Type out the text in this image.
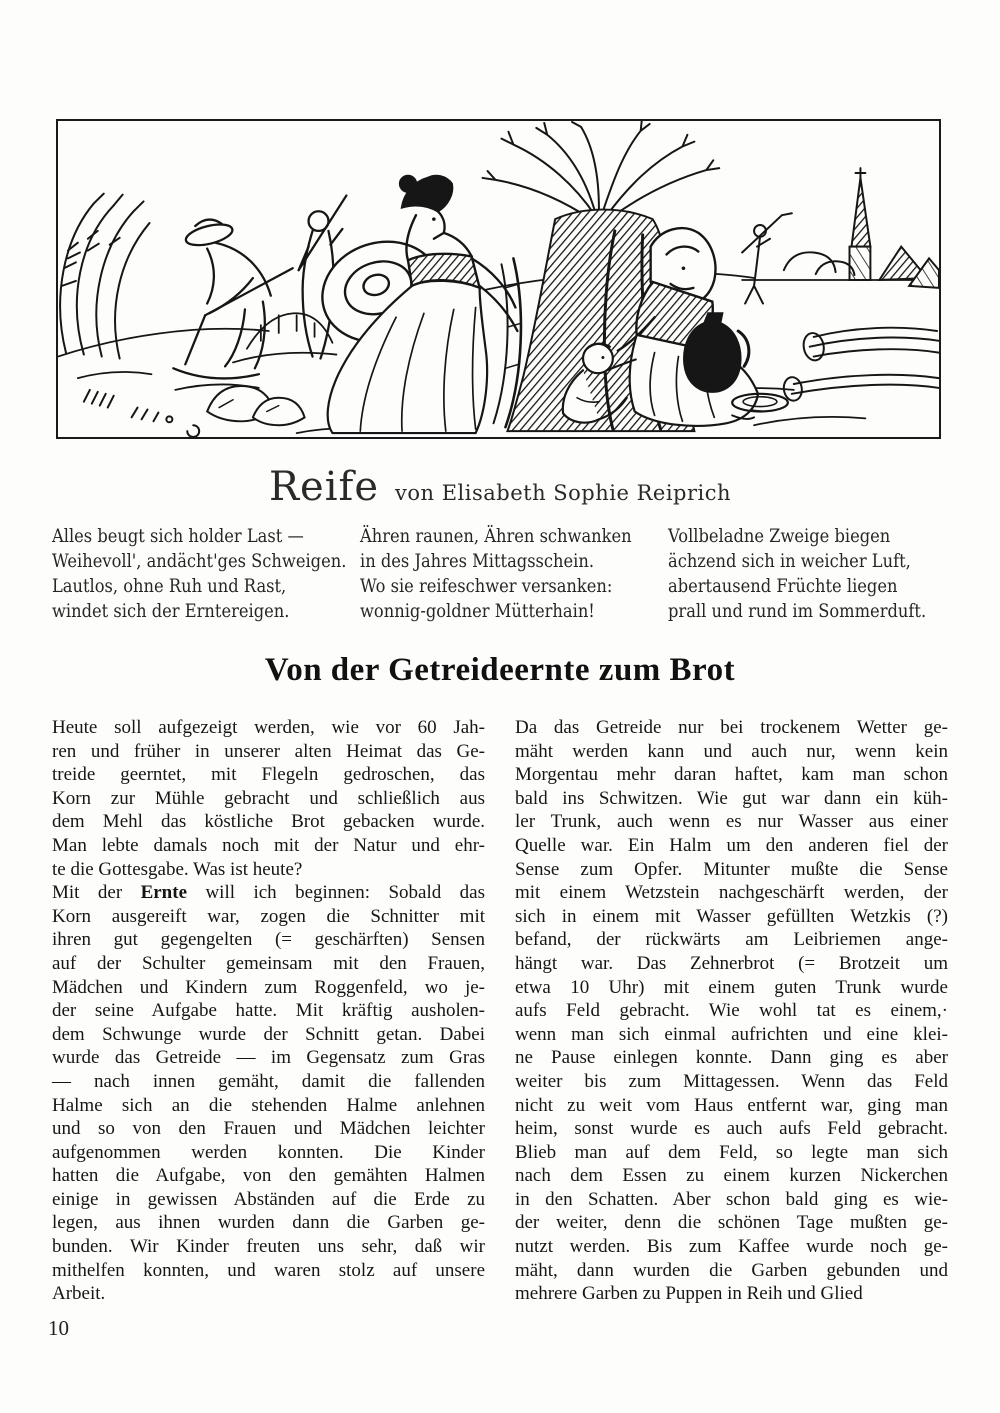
Reife von Elisabeth Sophie Reiprich
Alles beugt sich holder Last —
Weihevoll', andächt'ges Schweigen.
Lautlos, ohne Ruh und Rast,
windet sich der Erntereigen.
Ähren raunen, Ähren schwanken
in des Jahres Mittagsschein.
Wo sie reifeschwer versanken:
wonnig-goldner Mütterhain!
Vollbeladne Zweige biegen
ächzend sich in weicher Luft,
abertausend Früchte liegen
prall und rund im Sommerduft.
Von der Getreideernte zum Brot
Heute soll aufgezeigt werden, wie vor 60 Jah-
ren und früher in unserer alten Heimat das Ge-
treide geerntet, mit Flegeln gedroschen, das
Korn zur Mühle gebracht und schließlich aus
dem Mehl das köstliche Brot gebacken wurde.
Man lebte damals noch mit der Natur und ehr-
te die Gottesgabe. Was ist heute?
Mit der Ernte will ich beginnen: Sobald das
Korn ausgereift war, zogen die Schnitter mit
ihren gut gegengelten (= geschärften) Sensen
auf der Schulter gemeinsam mit den Frauen,
Mädchen und Kindern zum Roggenfeld, wo je-
der seine Aufgabe hatte. Mit kräftig ausholen-
dem Schwunge wurde der Schnitt getan. Dabei
wurde das Getreide — im Gegensatz zum Gras
— nach innen gemäht, damit die fallenden
Halme sich an die stehenden Halme anlehnen
und so von den Frauen und Mädchen leichter
aufgenommen werden konnten. Die Kinder
hatten die Aufgabe, von den gemähten Halmen
einige in gewissen Abständen auf die Erde zu
legen, aus ihnen wurden dann die Garben ge-
bunden. Wir Kinder freuten uns sehr, daß wir
mithelfen konnten, und waren stolz auf unsere
Arbeit.
Da das Getreide nur bei trockenem Wetter ge-
mäht werden kann und auch nur, wenn kein
Morgentau mehr daran haftet, kam man schon
bald ins Schwitzen. Wie gut war dann ein küh-
ler Trunk, auch wenn es nur Wasser aus einer
Quelle war. Ein Halm um den anderen fiel der
Sense zum Opfer. Mitunter mußte die Sense
mit einem Wetzstein nachgeschärft werden, der
sich in einem mit Wasser gefüllten Wetzkis (?)
befand, der rückwärts am Leibriemen ange-
hängt war. Das Zehnerbrot (= Brotzeit um
etwa 10 Uhr) mit einem guten Trunk wurde
aufs Feld gebracht. Wie wohl tat es einem,·
wenn man sich einmal aufrichten und eine klei-
ne Pause einlegen konnte. Dann ging es aber
weiter bis zum Mittagessen. Wenn das Feld
nicht zu weit vom Haus entfernt war, ging man
heim, sonst wurde es auch aufs Feld gebracht.
Blieb man auf dem Feld, so legte man sich
nach dem Essen zu einem kurzen Nickerchen
in den Schatten. Aber schon bald ging es wie-
der weiter, denn die schönen Tage mußten ge-
nutzt werden. Bis zum Kaffee wurde noch ge-
mäht, dann wurden die Garben gebunden und
mehrere Garben zu Puppen in Reih und Glied
10
